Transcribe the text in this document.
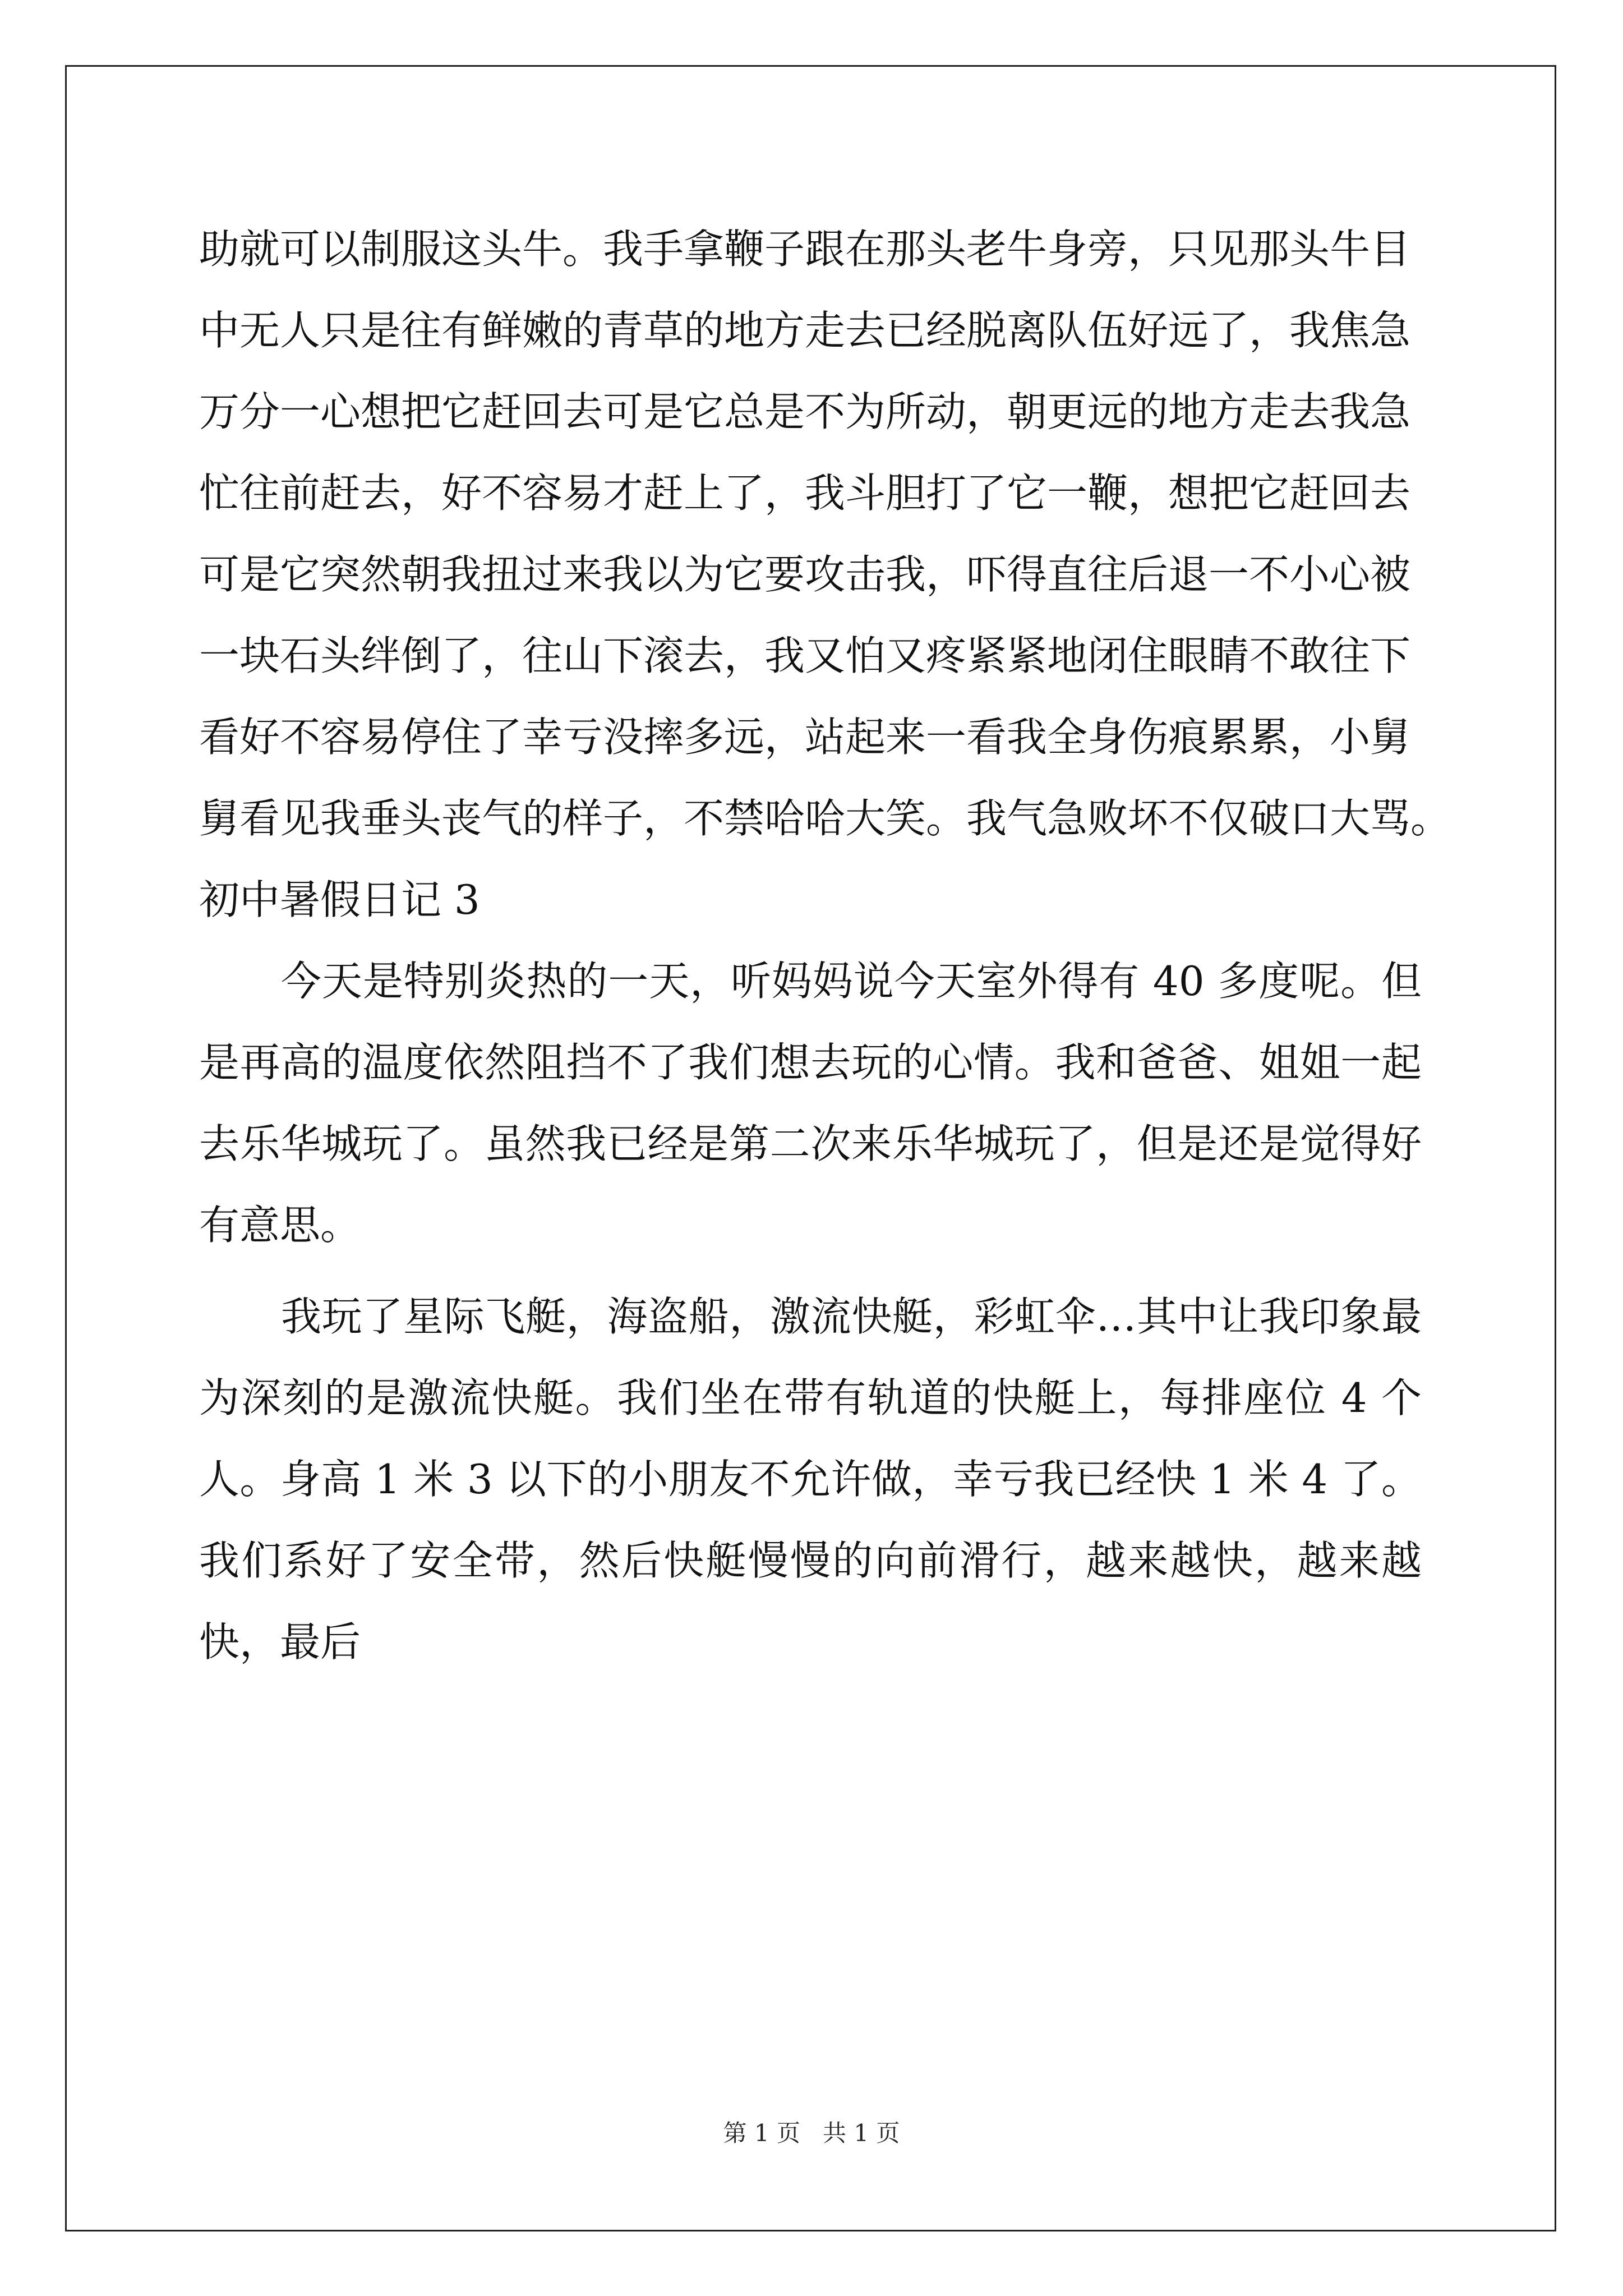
助就可以制服这头牛。我手拿鞭子跟在那头老牛身旁，只见那头牛目
中无人只是往有鲜嫩的青草的地方走去已经脱离队伍好远了，我焦急
万分一心想把它赶回去可是它总是不为所动，朝更远的地方走去我急
忙往前赶去，好不容易才赶上了，我斗胆打了它一鞭，想把它赶回去
可是它突然朝我扭过来我以为它要攻击我，吓得直往后退一不小心被
一块石头绊倒了，往山下滚去，我又怕又疼紧紧地闭住眼睛不敢往下
看好不容易停住了幸亏没摔多远，站起来一看我全身伤痕累累，小舅
舅看见我垂头丧气的样子，不禁哈哈大笑。我气急败坏不仅破口大骂。
初中暑假日记 3
今天是特别炎热的一天，听妈妈说今天室外得有 40 多度呢。但是再高的温度依然阻挡不了我们想去玩的心情。我和爸爸、姐姐一起去乐华城玩了。虽然我已经是第二次来乐华城玩了，但是还是觉得好有意思。
我玩了星际飞艇，海盗船，激流快艇，彩虹伞…其中让我印象最为深刻的是激流快艇。我们坐在带有轨道的快艇上，每排座位 4 个人。身高 1 米 3 以下的小朋友不允许做，幸亏我已经快 1 米 4 了。我们系好了安全带，然后快艇慢慢的向前滑行，越来越快，越来越快，最后
第 1 页 共 1 页
